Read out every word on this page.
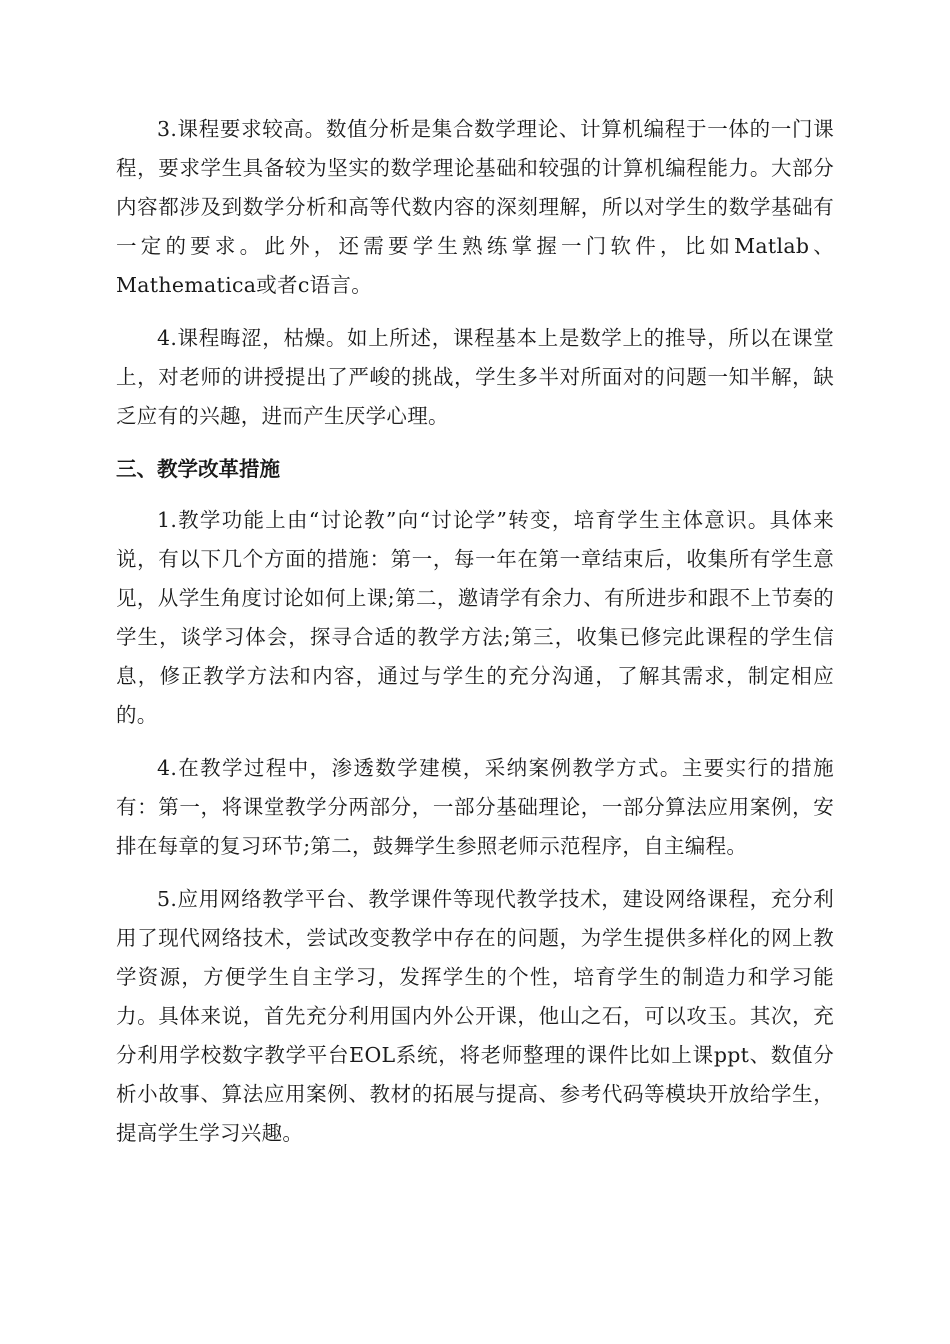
3.课程要求较高。数值分析是集合数学理论、计算机编程于一体的一门课程，要求学生具备较为坚实的数学理论基础和较强的计算机编程能力。大部分内容都涉及到数学分析和高等代数内容的深刻理解，所以对学生的数学基础有一定的要求。此外，还需要学生熟练掌握一门软件，比如Matlab、Mathematica或者c语言。

4.课程晦涩，枯燥。如上所述，课程基本上是数学上的推导，所以在课堂上，对老师的讲授提出了严峻的挑战，学生多半对所面对的问题一知半解，缺乏应有的兴趣，进而产生厌学心理。

三、教学改革措施

1.教学功能上由“讨论教”向“讨论学”转变，培育学生主体意识。具体来说，有以下几个方面的措施：第一，每一年在第一章结束后，收集所有学生意见，从学生角度讨论如何上课;第二，邀请学有余力、有所进步和跟不上节奏的学生，谈学习体会，探寻合适的教学方法;第三，收集已修完此课程的学生信息，修正教学方法和内容，通过与学生的充分沟通，了解其需求，制定相应的。

4.在教学过程中，渗透数学建模，采纳案例教学方式。主要实行的措施有：第一，将课堂教学分两部分，一部分基础理论，一部分算法应用案例，安排在每章的复习环节;第二，鼓舞学生参照老师示范程序，自主编程。

5.应用网络教学平台、教学课件等现代教学技术，建设网络课程，充分利用了现代网络技术，尝试改变教学中存在的问题，为学生提供多样化的网上教学资源，方便学生自主学习，发挥学生的个性，培育学生的制造力和学习能力。具体来说，首先充分利用国内外公开课，他山之石，可以攻玉。其次，充分利用学校数字教学平台EOL系统，将老师整理的课件比如上课ppt、数值分析小故事、算法应用案例、教材的拓展与提高、参考代码等模块开放给学生，提高学生学习兴趣。
